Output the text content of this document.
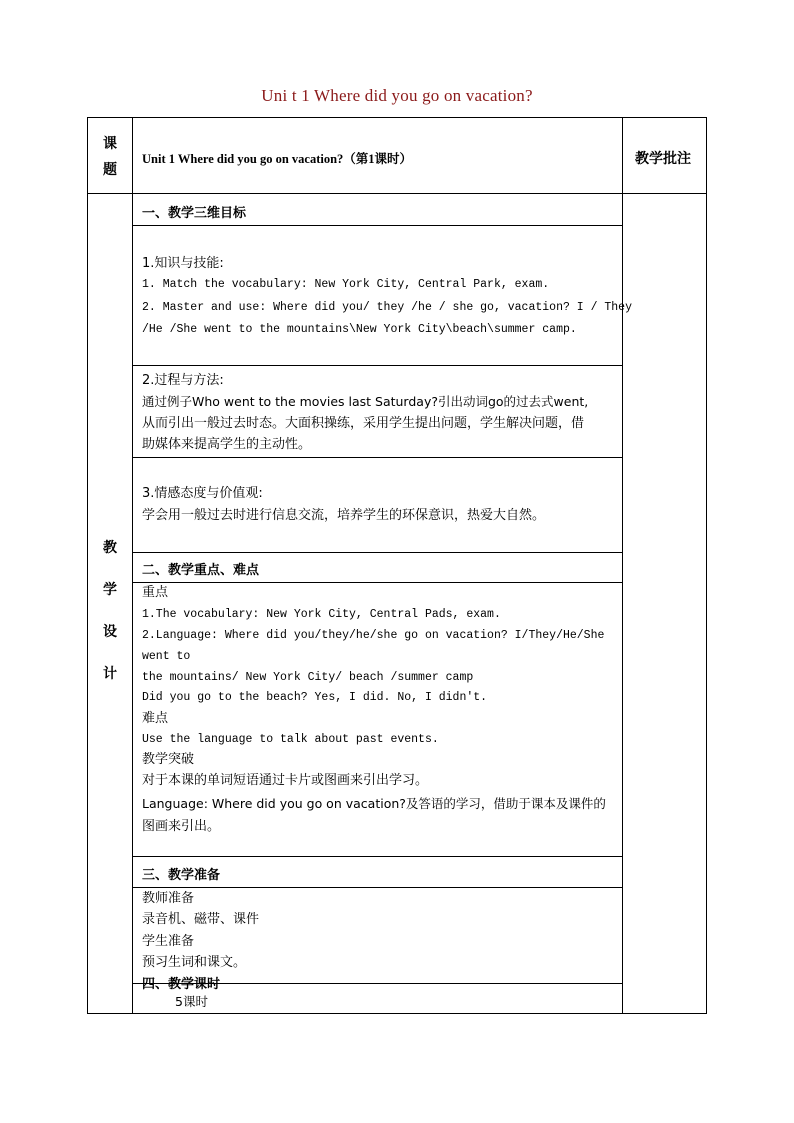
Uni t 1 Where did you go on vacation?
课
题
Unit 1 Where did you go on vacation?（第1课时）	教学批注
教
学
设
计
一、教学三维目标
1.知识与技能:
1. Match the vocabulary: New York City, Central Park, exam.
2. Master and use: Where did you/ they /he / she go, vacation? I / They
/He /She went to the mountains\New York City\beach\summer camp.
2.过程与方法:
通过例子Who went to the movies last Saturday?引出动词go的过去式went,
从而引出一般过去时态。大面积操练，采用学生提出问题，学生解决问题，借
助媒体来提高学生的主动性。
3.情感态度与价值观:
学会用一般过去时进行信息交流，培养学生的环保意识，热爱大自然。
二、教学重点、难点
重点
1.The vocabulary: New York City, Central Pads, exam.
2.Language: Where did you/they/he/she go on vacation? I/They/He/She
went to
the mountains/ New York City/ beach /summer camp
Did you go to the beach? Yes, I did. No, I didn't.
难点
Use the language to talk about past events.
教学突破
对于本课的单词短语通过卡片或图画来引出学习。
Language: Where did you go on vacation?及答语的学习，借助于课本及课件的
图画来引出。
三、教学准备
教师准备
录音机、磁带、课件
学生准备
预习生词和课文。
四、教学课时
5课时
